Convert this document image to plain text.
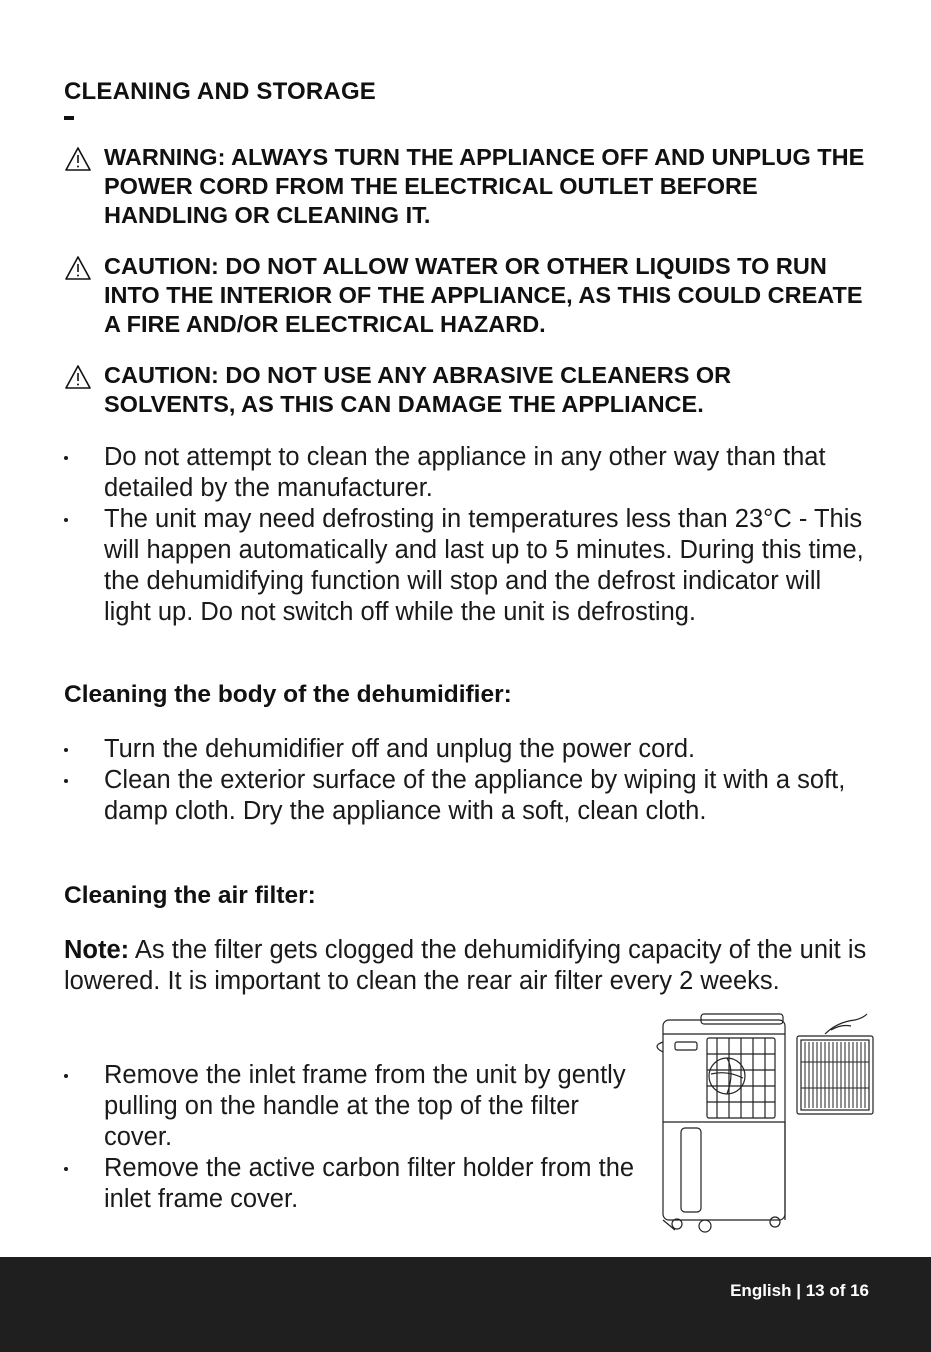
CLEANING AND STORAGE
WARNING: ALWAYS TURN THE APPLIANCE OFF AND UNPLUG THE POWER CORD FROM THE ELECTRICAL OUTLET BEFORE HANDLING OR CLEANING IT.
CAUTION: DO NOT ALLOW WATER OR OTHER LIQUIDS TO RUN INTO THE INTERIOR OF THE APPLIANCE, AS THIS COULD CREATE A FIRE AND/OR ELECTRICAL HAZARD.
CAUTION: DO NOT USE ANY ABRASIVE CLEANERS OR SOLVENTS, AS THIS CAN DAMAGE THE APPLIANCE.
Do not attempt to clean the appliance in any other way than that detailed by the manufacturer.
The unit may need defrosting in temperatures less than 23°C - This will happen automatically and last up to 5 minutes. During this time, the dehumidifying function will stop and the defrost indicator will light up. Do not switch off while the unit is defrosting.
Cleaning the body of the dehumidifier:
Turn the dehumidifier off and unplug the power cord.
Clean the exterior surface of the appliance by wiping it with a soft, damp cloth. Dry the appliance with a soft, clean cloth.
Cleaning the air filter:

Note: As the filter gets clogged the dehumidifying capacity of the unit is lowered. It is important to clean the rear air filter every 2 weeks.

Remove the inlet frame from the unit by gently pulling on the handle at the top of the filter cover.
Remove the active carbon filter holder from the inlet frame cover.
English | 13 of 16
